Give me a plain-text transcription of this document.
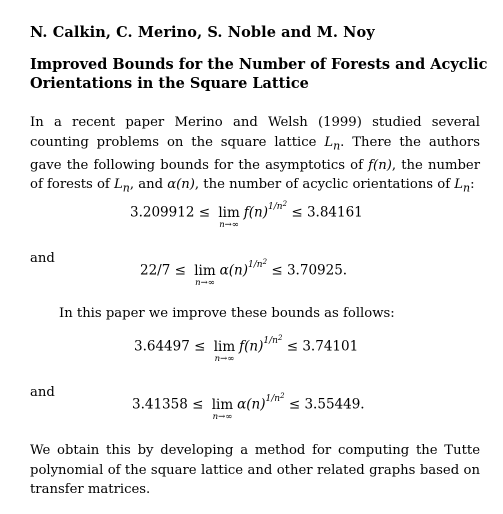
N. Calkin, C. Merino, S. Noble and M. Noy
Improved Bounds for the Number of Forests and Acyclic Orientations in the Square Lattice
In a recent paper Merino and Welsh (1999) studied several counting problems on the square lattice $L_n$. There the authors gave the following bounds for the asymptotics of f(n), the number of forests of $L_n$, and α(n), the number of acyclic orientations of $L_n$:
3.209912 ≤ lim
n→∞
$f(n)^{1/n^2} \le 3.84161$
and
22/7 ≤ lim
n→∞
$\alpha(n)^{1/n^2} \le 3.70925$.
In this paper we improve these bounds as follows:
3.64497 ≤ lim
n→∞
$f(n)^{1/n^2} \le 3.74101$
and
3.41358 ≤ lim
n→∞
$\alpha(n)^{1/n^2} \le 3.55449$.
We obtain this by developing a method for computing the Tutte polynomial of the square lattice and other related graphs based on transfer matrices.
